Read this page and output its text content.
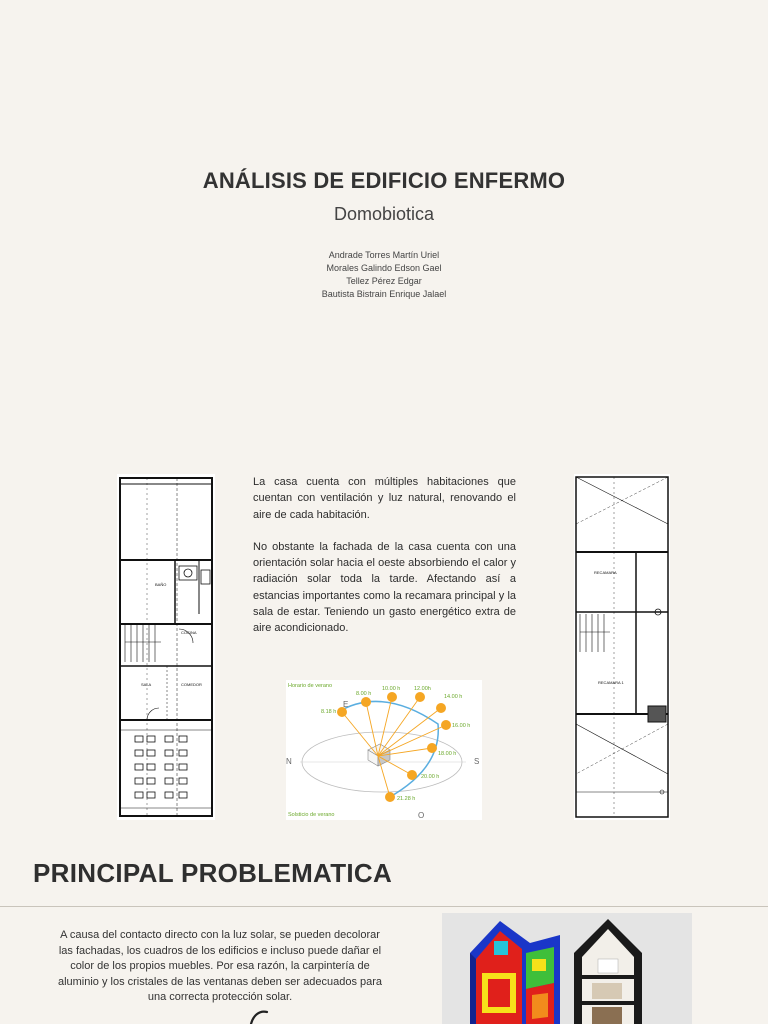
ANÁLISIS DE EDIFICIO ENFERMO
Domobiotica
Andrade Torres Martín Uriel
Morales Galindo Edson Gael
Tellez Pérez Edgar
Bautista Bistrain Enrique Jalael
BAÑO
COCINA
SALA	COMEDOR
RECAMARA
RECAMARA 1

La casa cuenta con múltiples habitaciones que cuentan con ventilación y luz natural, renovando el aire de cada habitación.

No obstante la fachada de la casa cuenta con una orientación solar hacia el oeste absorbiendo el calor y radiación solar toda la tarde. Afectando así a estancias importantes como la recamara principal y la sala de estar. Teniendo un gasto energético extra de aire acondicionado.

Horario de verano
Solsticio de verano
8.18 h
8.00 h
10.00 h 12.00h
14.00 h
16.00 h
18.00 h
20.00 h
21.28 h
E
N	S
O
PRINCIPAL PROBLEMATICA
A causa del contacto directo con la luz solar, se pueden decolorar las fachadas, los cuadros de los edificios e incluso puede dañar el color de los propios muebles. Por esa razón, la carpintería de aluminio y los cristales de las ventanas deben ser adecuados para una correcta protección solar.
